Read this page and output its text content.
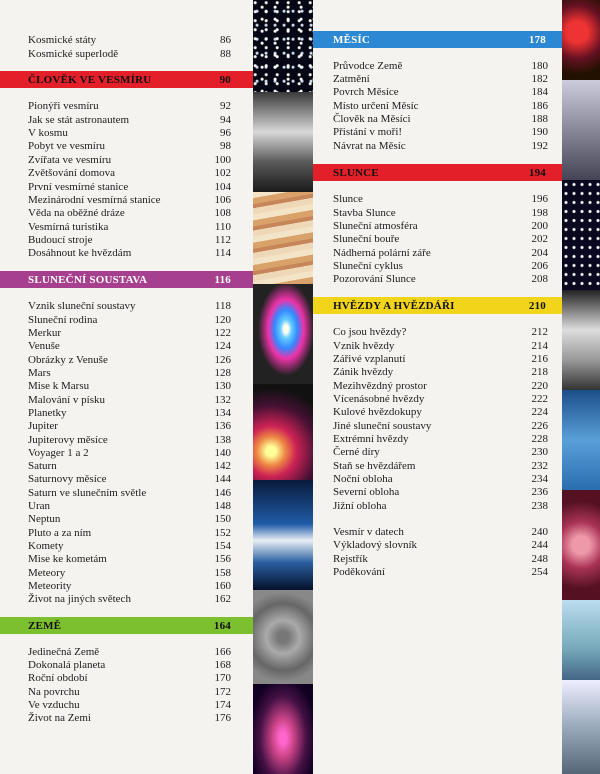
Kosmické státy	86
Kosmické superlodě	88
ČLOVĚK VE VESMÍRU	90
Pionýři vesmíru	92
Jak se stát astronautem	94
V kosmu	96
Pobyt ve vesmíru	98
Zvířata ve vesmíru	100
Zvětšování domova	102
První vesmírné stanice	104
Mezinárodní vesmírná stanice	106
Věda na oběžné dráze	108
Vesmírná turistika	110
Budoucí stroje	112
Dosáhnout ke hvězdám	114
SLUNEČNÍ SOUSTAVA	116
Vznik sluneční soustavy	118
Sluneční rodina	120
Merkur	122
Venuše	124
Obrázky z Venuše	126
Mars	128
Mise k Marsu	130
Malování v písku	132
Planetky	134
Jupiter	136
Jupiterovy měsíce	138
Voyager 1 a 2	140
Saturn	142
Saturnovy měsíce	144
Saturn ve slunečním světle	146
Uran	148
Neptun	150
Pluto a za ním	152
Komety	154
Mise ke kometám	156
Meteory	158
Meteority	160
Život na jiných světech	162
ZEMĚ	164
Jedinečná Země	166
Dokonalá planeta	168
Roční období	170
Na povrchu	172
Ve vzduchu	174
Život na Zemi	176
MĚSÍC	178
Průvodce Země	180
Zatmění	182
Povrch Měsíce	184
Místo určení Měsíc	186
Člověk na Měsíci	188
Přistání v moři!	190
Návrat na Měsíc	192
SLUNCE	194
Slunce	196
Stavba Slunce	198
Sluneční atmosféra	200
Sluneční bouře	202
Nádherná polární záře	204
Sluneční cyklus	206
Pozorování Slunce	208
HVĚZDY A HVĚZDÁŘI	210
Co jsou hvězdy?	212
Vznik hvězdy	214
Zářivé vzplanutí	216
Zánik hvězdy	218
Mezihvězdný prostor	220
Vícenásobné hvězdy	222
Kulové hvězdokupy	224
Jiné sluneční soustavy	226
Extrémní hvězdy	228
Černé díry	230
Staň se hvězdářem	232
Noční obloha	234
Severní obloha	236
Jižní obloha	238
Vesmír v datech	240
Výkladový slovník	244
Rejstřík	248
Poděkování	254
